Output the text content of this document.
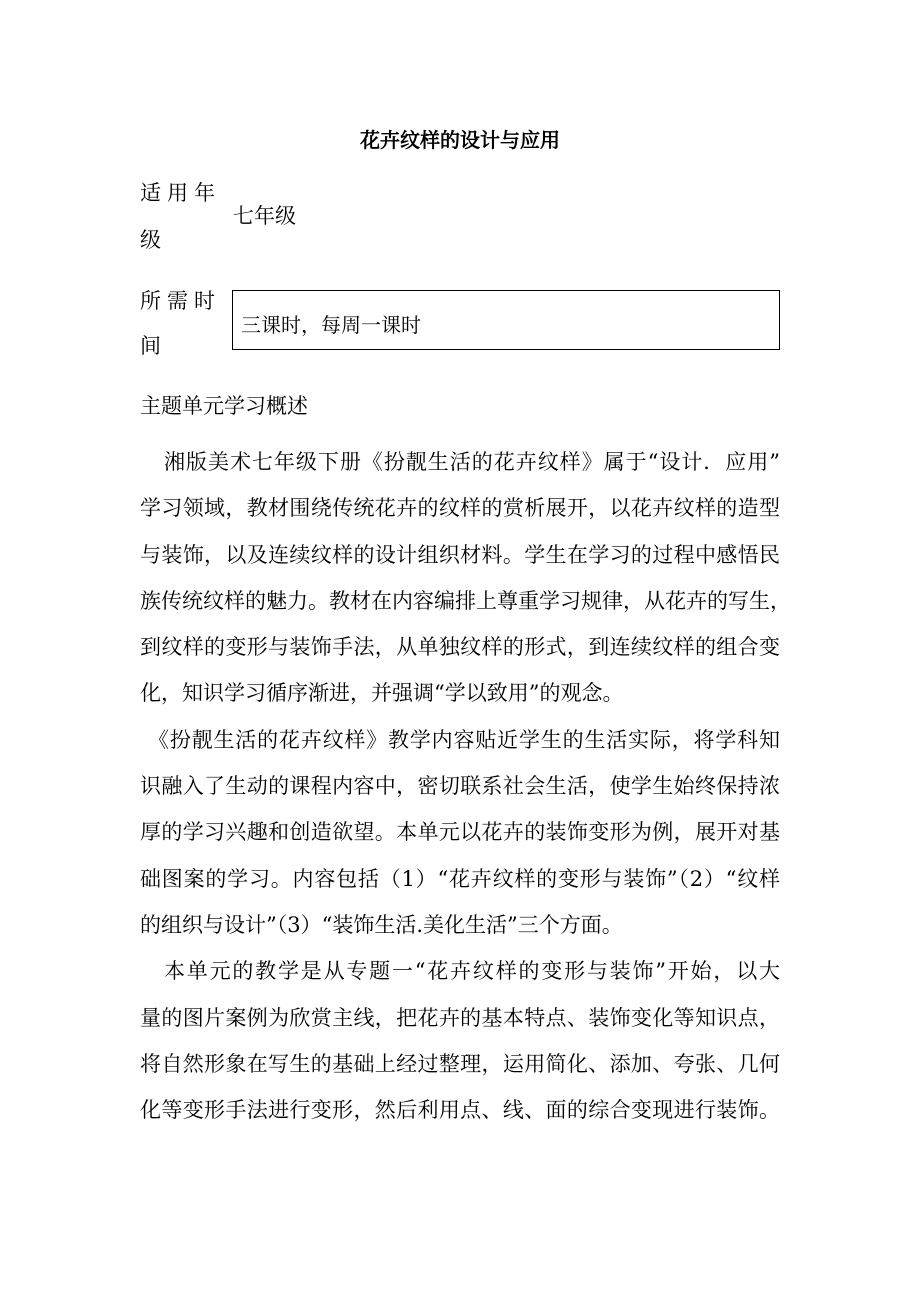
花卉纹样的设计与应用
适用年
级
七年级
所需时
间
三课时，每周一课时
主题单元学习概述
湘版美术七年级下册《扮靓生活的花卉纹样》属于“设计．应用”
学习领域，教材围绕传统花卉的纹样的赏析展开，以花卉纹样的造型
与装饰，以及连续纹样的设计组织材料。学生在学习的过程中感悟民
族传统纹样的魅力。教材在内容编排上尊重学习规律，从花卉的写生，
到纹样的变形与装饰手法，从单独纹样的形式，到连续纹样的组合变
化，知识学习循序渐进，并强调“学以致用”的观念。
《扮靓生活的花卉纹样》教学内容贴近学生的生活实际，将学科知
识融入了生动的课程内容中，密切联系社会生活，使学生始终保持浓
厚的学习兴趣和创造欲望。本单元以花卉的装饰变形为例，展开对基
础图案的学习。内容包括（1）“花卉纹样的变形与装饰”（2）“纹样
的组织与设计”（3）“装饰生活.美化生活”三个方面。
本单元的教学是从专题一“花卉纹样的变形与装饰”开始，以大
量的图片案例为欣赏主线，把花卉的基本特点、装饰变化等知识点，
将自然形象在写生的基础上经过整理，运用简化、添加、夸张、几何
化等变形手法进行变形，然后利用点、线、面的综合变现进行装饰。
